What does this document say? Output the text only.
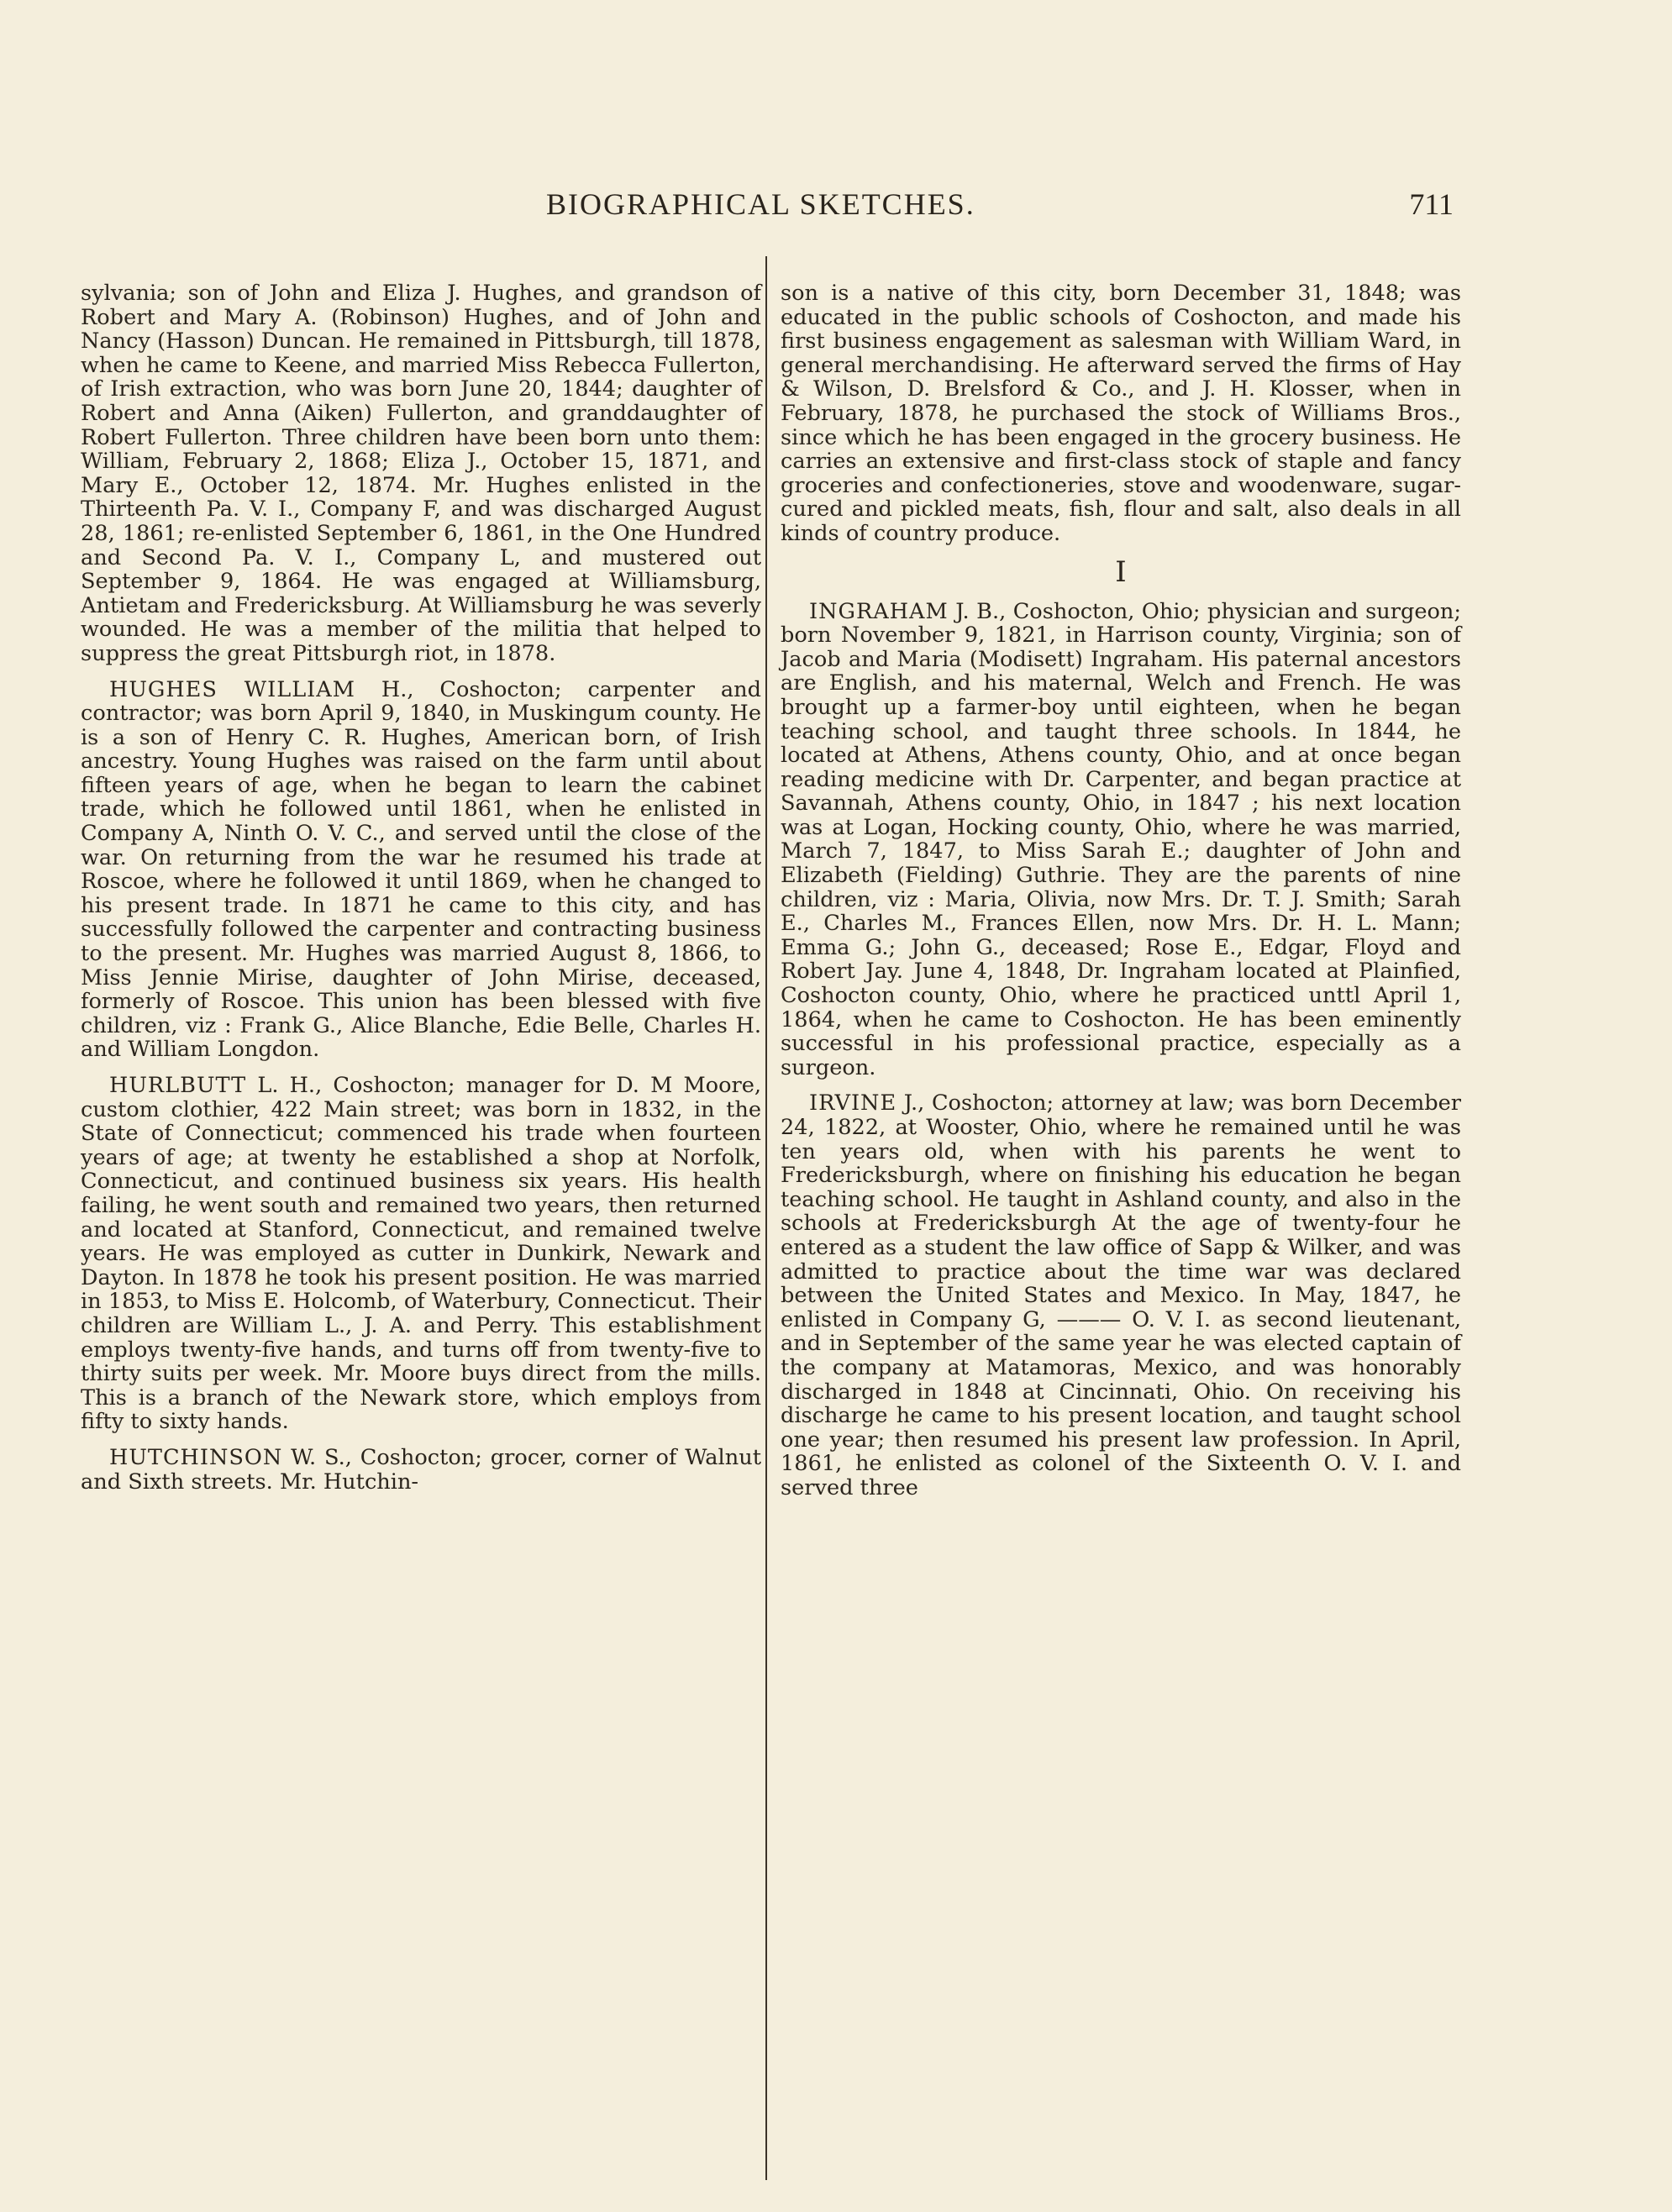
BIOGRAPHICAL SKETCHES.	711

sylvania; son of John and Eliza J. Hughes, and grandson of Robert and Mary A. (Robinson) Hughes, and of John and Nancy (Hasson) Duncan. He remained in Pittsburgh, till 1878, when he came to Keene, and married Miss Rebecca Fullerton, of Irish extraction, who was born June 20, 1844; daughter of Robert and Anna (Aiken) Fullerton, and granddaughter of Robert Fullerton. Three children have been born unto them: William, February 2, 1868; Eliza J., October 15, 1871, and Mary E., October 12, 1874. Mr. Hughes enlisted in the Thirteenth Pa. V. I., Company F, and was discharged August 28, 1861; re-enlisted September 6, 1861, in the One Hundred and Second Pa. V. I., Company L, and mustered out September 9, 1864. He was engaged at Williamsburg, Antietam and Fredericksburg. At Williamsburg he was severly wounded. He was a member of the militia that helped to suppress the great Pittsburgh riot, in 1878.

HUGHES WILLIAM H., Coshocton; carpenter and contractor; was born April 9, 1840, in Muskingum county. He is a son of Henry C. R. Hughes, American born, of Irish ancestry. Young Hughes was raised on the farm until about fifteen years of age, when he began to learn the cabinet trade, which he followed until 1861, when he enlisted in Company A, Ninth O. V. C., and served until the close of the war. On returning from the war he resumed his trade at Roscoe, where he followed it until 1869, when he changed to his present trade. In 1871 he came to this city, and has successfully followed the carpenter and contracting business to the present. Mr. Hughes was married August 8, 1866, to Miss Jennie Mirise, daughter of John Mirise, deceased, formerly of Roscoe. This union has been blessed with five children, viz : Frank G., Alice Blanche, Edie Belle, Charles H. and William Longdon.

HURLBUTT L. H., Coshocton; manager for D. M Moore, custom clothier, 422 Main street; was born in 1832, in the State of Connecticut; commenced his trade when fourteen years of age; at twenty he established a shop at Norfolk, Connecticut, and continued business six years. His health failing, he went south and remained two years, then returned and located at Stanford, Connecticut, and remained twelve years. He was employed as cutter in Dunkirk, Newark and Dayton. In 1878 he took his present position. He was married in 1853, to Miss E. Holcomb, of Waterbury, Connecticut. Their children are William L., J. A. and Perry. This establishment employs twenty-five hands, and turns off from twenty-five to thirty suits per week. Mr. Moore buys direct from the mills. This is a branch of the Newark store, which employs from fifty to sixty hands.

HUTCHINSON W. S., Coshocton; grocer, corner of Walnut and Sixth streets. Mr. Hutchin-

son is a native of this city, born December 31, 1848; was educated in the public schools of Coshocton, and made his first business engagement as salesman with William Ward, in general merchandising. He afterward served the firms of Hay & Wilson, D. Brelsford & Co., and J. H. Klosser, when in February, 1878, he purchased the stock of Williams Bros., since which he has been engaged in the grocery business. He carries an extensive and first-class stock of staple and fancy groceries and confectioneries, stove and woodenware, sugar-cured and pickled meats, fish, flour and salt, also deals in all kinds of country produce.

I

INGRAHAM J. B., Coshocton, Ohio; physician and surgeon; born November 9, 1821, in Harrison county, Virginia; son of Jacob and Maria (Modisett) Ingraham. His paternal ancestors are English, and his maternal, Welch and French. He was brought up a farmer-boy until eighteen, when he began teaching school, and taught three schools. In 1844, he located at Athens, Athens county, Ohio, and at once began reading medicine with Dr. Carpenter, and began practice at Savannah, Athens county, Ohio, in 1847 ; his next location was at Logan, Hocking county, Ohio, where he was married, March 7, 1847, to Miss Sarah E.; daughter of John and Elizabeth (Fielding) Guthrie. They are the parents of nine children, viz : Maria, Olivia, now Mrs. Dr. T. J. Smith; Sarah E., Charles M., Frances Ellen, now Mrs. Dr. H. L. Mann; Emma G.; John G., deceased; Rose E., Edgar, Floyd and Robert Jay. June 4, 1848, Dr. Ingraham located at Plainfied, Coshocton county, Ohio, where he practiced unttl April 1, 1864, when he came to Coshocton. He has been eminently successful in his professional practice, especially as a surgeon.

IRVINE J., Coshocton; attorney at law; was born December 24, 1822, at Wooster, Ohio, where he remained until he was ten years old, when with his parents he went to Fredericksburgh, where on finishing his education he began teaching school. He taught in Ashland county, and also in the schools at Fredericksburgh At the age of twenty-four he entered as a student the law office of Sapp & Wilker, and was admitted to practice about the time war was declared between the United States and Mexico. In May, 1847, he enlisted in Company G, ——— O. V. I. as second lieutenant, and in September of the same year he was elected captain of the company at Matamoras, Mexico, and was honorably discharged in 1848 at Cincinnati, Ohio. On receiving his discharge he came to his present location, and taught school one year; then resumed his present law profession. In April, 1861, he enlisted as colonel of the Sixteenth O. V. I. and served three
